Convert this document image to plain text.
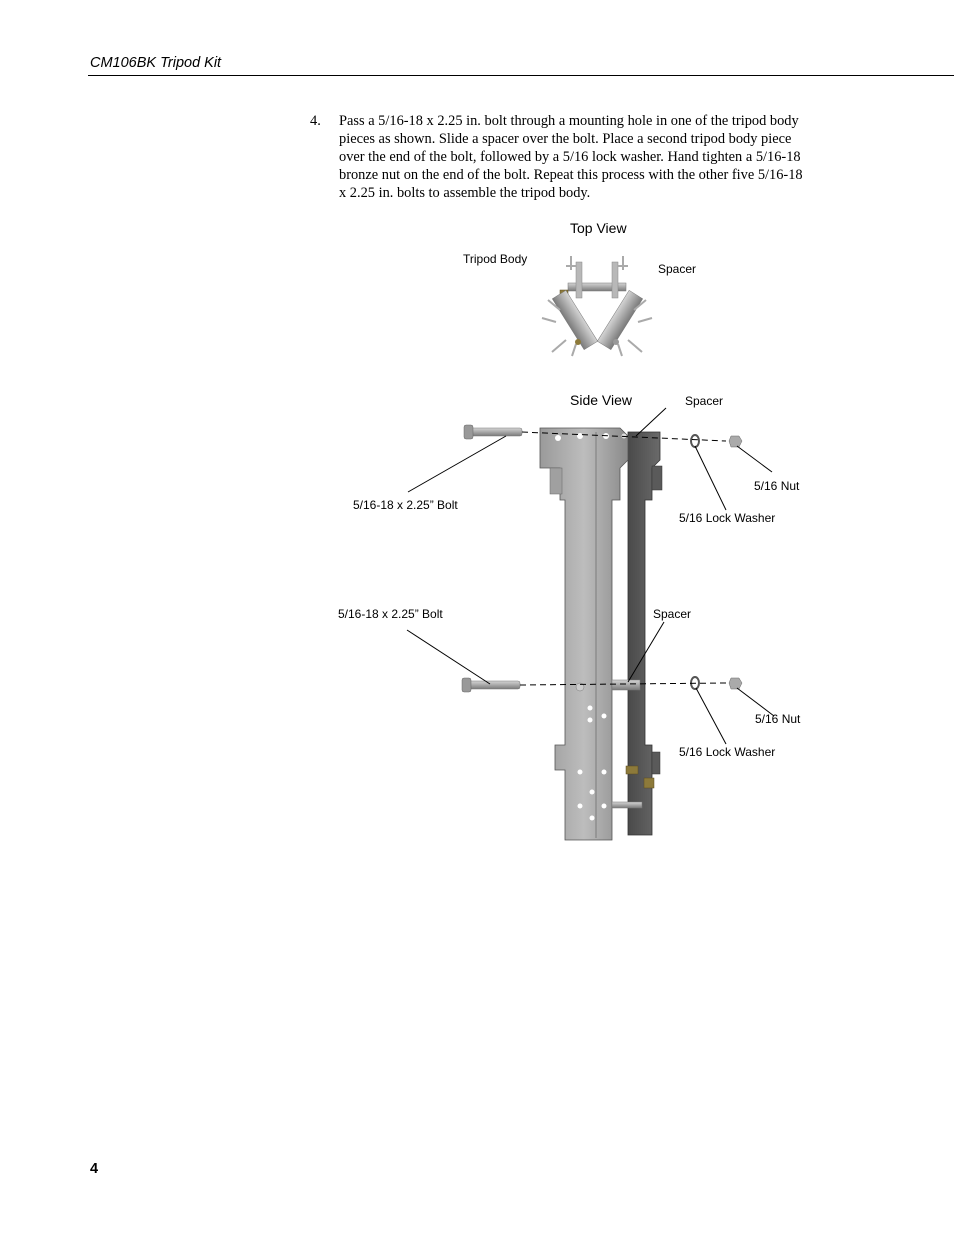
CM106BK Tripod Kit
4. Pass a 5/16-18 x 2.25 in. bolt through a mounting hole in one of the tripod body pieces as shown. Slide a spacer over the bolt. Place a second tripod body piece over the end of the bolt, followed by a 5/16 lock washer. Hand tighten a 5/16-18 bronze nut on the end of the bolt. Repeat this process with the other five 5/16-18 x 2.25 in. bolts to assemble the tripod body.
Top View
Tripod Body
Spacer
Side View	Spacer
5/16 Nut
5/16-18 x 2.25” Bolt
5/16 Lock Washer
5/16-18 x 2.25” Bolt	Spacer
5/16 Nut
5/16 Lock Washer
4
